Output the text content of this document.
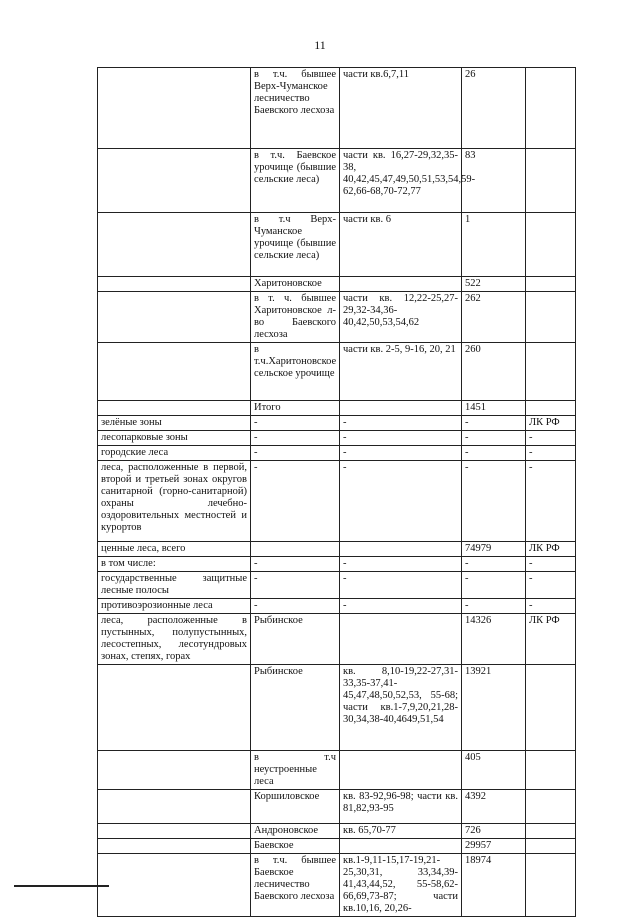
11
	в т.ч. бывшее Верх-Чуманское лесничество Баевского лесхоза	части кв.6,7,11	26	
	в т.ч. Баевское урочище (бывшие сельские леса)	части кв. 16,27-29,32,35-38, 40,42,45,47,49,50,51,53,54,59-62,66-68,70-72,77	83	
	в т.ч Верх-Чуманское урочище (бывшие сельские леса)	части кв. 6	1	
	Харитоновское		522	
	в т. ч. бывшее Харитоновское л-во Баевского лесхоза	части кв. 12,22-25,27-29,32-34,36-40,42,50,53,54,62	262	
	в т.ч.Харитоновское сельское урочище	части кв. 2-5, 9-16, 20, 21	260	
	Итого		1451	
зелёные зоны	-	-	-	ЛК РФ
лесопарковые зоны	-	-	-	-
городские леса	-	-	-	-
леса, расположенные в первой, второй и третьей зонах округов санитарной (горно-санитарной) охраны лечебно-оздоровительных местностей и курортов	-	-	-	-
ценные леса, всего			74979	ЛК РФ
в том числе:	-	-	-	-
государственные защитные лесные полосы	-	-	-	-
противоэрозионные леса	-	-	-	-
леса, расположенные в пустынных, полупустынных, лесостепных, лесотундровых зонах, степях, горах	Рыбинское		14326	ЛК РФ
	Рыбинское	кв. 8,10-19,22-27,31-33,35-37,41-45,47,48,50,52,53, 55-68; части кв.1-7,9,20,21,28-30,34,38-40,4649,51,54	13921	
	в т.ч неустроенные леса		405	
	Коршиловское	кв. 83-92,96-98; части кв. 81,82,93-95	4392	
	Андроновское	кв. 65,70-77	726	
	Баевское		29957	
	в т.ч. бывшее Баевское лесничество Баевского лесхоза	кв.1-9,11-15,17-19,21-25,30,31, 33,34,39-41,43,44,52, 55-58,62-66,69,73-87; части кв.10,16, 20,26-	18974	
